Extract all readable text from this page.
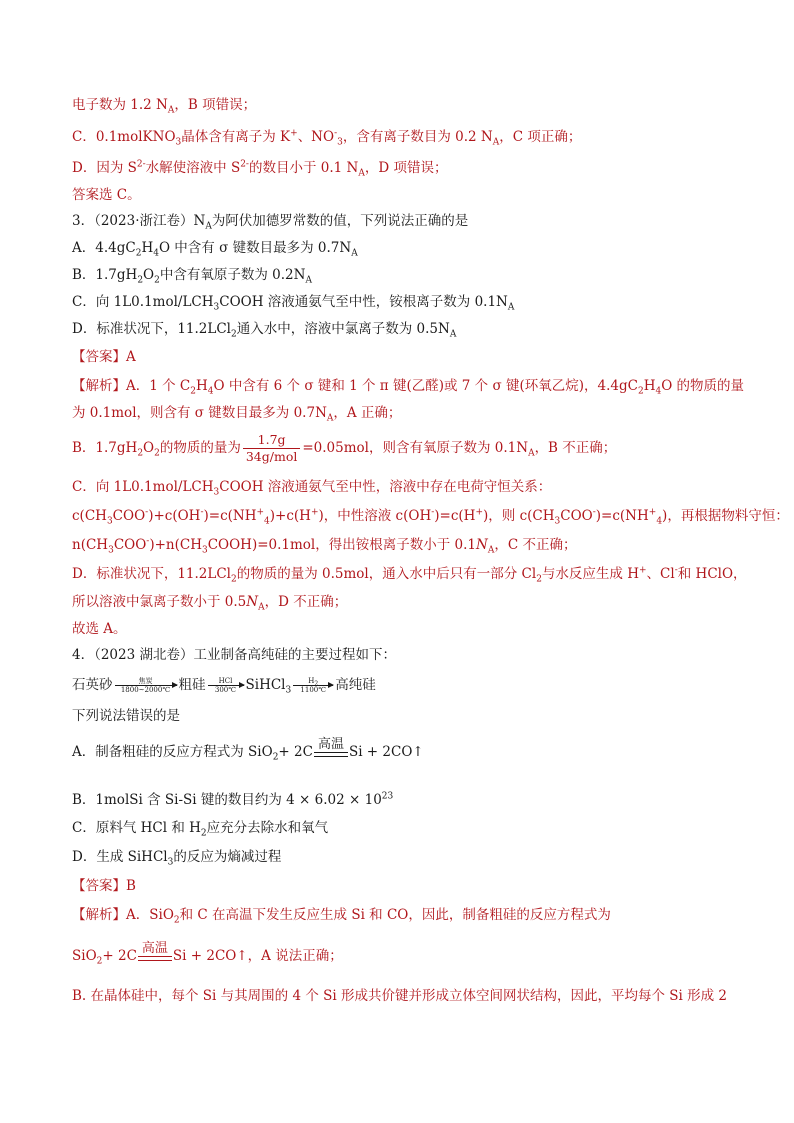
电子数为 1.2 $N_A$，B 项错误；
C．0.1molKNO$_3$晶体含有离子为 K+、$NO^-_3$，含有离子数目为 0.2 $N_A$，C 项正确；
D．因为 $S^{2-}$水解使溶液中 $S^{2-}$的数目小于 0.1 $N_A$，D 项错误；
答案选 C。
3．（2023·浙江卷）$N_A$为阿伏加德罗常数的值，下列说法正确的是
A．$4.4gC_2H_4O$ 中含有 σ 键数目最多为 $0.7N_A$
B．$1.7gH_2O_2$中含有氧原子数为 $0.2N_A$
C．向 $1L0.1mol/LCH_3COOH$ 溶液通氨气至中性，铵根离子数为 $0.1N_A$
D．标准状况下，11.2LCl$_2$通入水中，溶液中氯离子数为 $0.5N_A$
【答案】A
【解析】A．1 个 $C_2H_4O$ 中含有 6 个 σ 键和 1 个 π 键(乙醛)或 7 个 σ 键(环氧乙烷)，$4.4gC_2H_4O$ 的物质的量
为 0.1mol，则含有 σ 键数目最多为 $0.7N_A$，A 正确；
B．$1.7gH_2O_2$的物质的量为 $\frac{1.7g}{\text{34g/mol}} =0.05mol$，则含有氧原子数为 $0.1N_A$，B 不正确；
C．向 $1L0.1mol/LCH_3COOH$ 溶液通氨气至中性，溶液中存在电荷守恒关系：
$c(CH_3COO^-)+c(OH^-)=c(NH^+_4)+c(H^+)$，中性溶液 c(OH-)=c(H+)，则 $c(CH_3COO^-)=c(NH^+_4)$，再根据物料守恒：
$n(CH_3COO^-)+n(CH_3COOH)=0.1mol$，得出铵根离子数小于 $0.1N_A$，C 不正确；
D．标准状况下，11.2LCl$_2$的物质的量为 0.5mol，通入水中后只有一部分 $Cl_2$与水反应生成 H+、Cl-和 HClO，
所以溶液中氯离子数小于 $0.5N_A$，D 不正确；
故选 A。
4．（2023 湖北卷）工业制备高纯硅的主要过程如下：
石英砂	焦炭
1800~2000℃ 粗硅	HCl
300℃ SiHCl$_3$ $\frac{H_2}{1100℃}$ 高纯硅
下列说法错误的是
A．制备粗硅的反应方程式为 SiO$_2$+ 2C 高温 Si + 2CO↑
B．1molSi 含 Si-Si 键的数目约为 $4 \times 6.02 \times 10^{23}$
C．原料气 HCl 和 $H_2$应充分去除水和氧气
D．生成 SiHCl$_3$的反应为熵减过程
【答案】B
【解析】A．SiO$_2$和 C 在高温下发生反应生成 Si 和 CO，因此，制备粗硅的反应方程式为
SiO$_2$+ 2C 高温 Si + 2CO↑，A 说法正确；
B. 在晶体硅中，每个 Si 与其周围的 4 个 Si 形成共价键并形成立体空间网状结构，因此，平均每个 Si 形成 2
